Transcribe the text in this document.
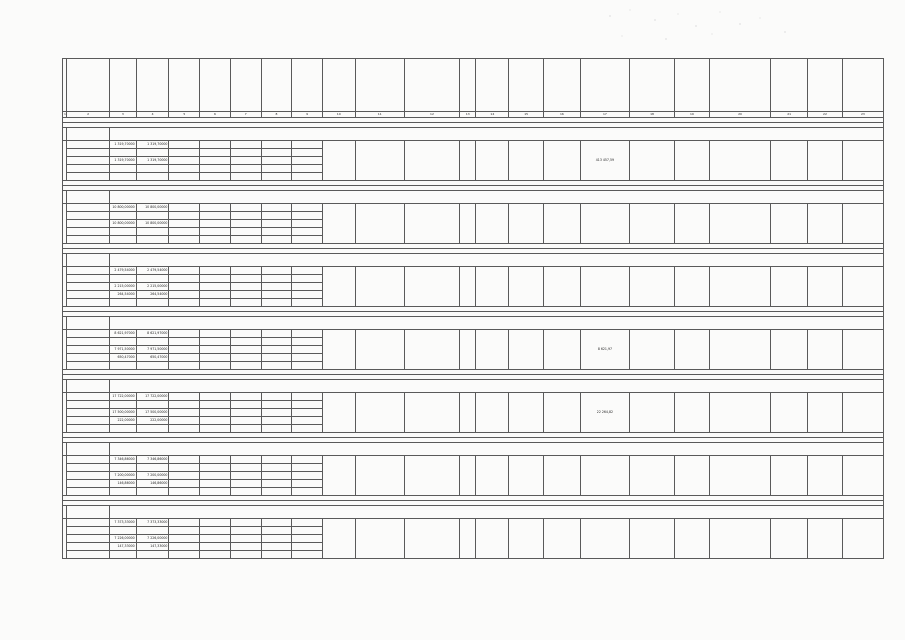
1	2	3	4	5	6	7	8	9	10	11	12	13	14	15	16	17	18	19	20	21	22	23

		1 319,70000	1 319,70000													413 457,59						

		1 319,70000	1 319,70000																			

		10 800,00000	10 800,00000																			

		10 800,00000	10 800,00000																			

		2 479,54000	2 479,54000																			

		2 215,00000	2 215,00000																			
		264,54000	264,54000																			

		8 621,97000	8 621,97000													8 621,97						

		7 971,50000	7 971,50000																			
		650,47000	650,47000																			

		17 722,00000	17 722,00000													22 264,82						

		17 500,00000	17 500,00000																			
		222,00000	222,00000																			

		7 346,86000	7 346,86000																			

		7 200,00000	7 200,00000																			
		146,86000	146,86000																			

		7 373,33000	7 373,33000																			

		7 226,00000	7 226,00000																			
		147,33000	147,33000																			
